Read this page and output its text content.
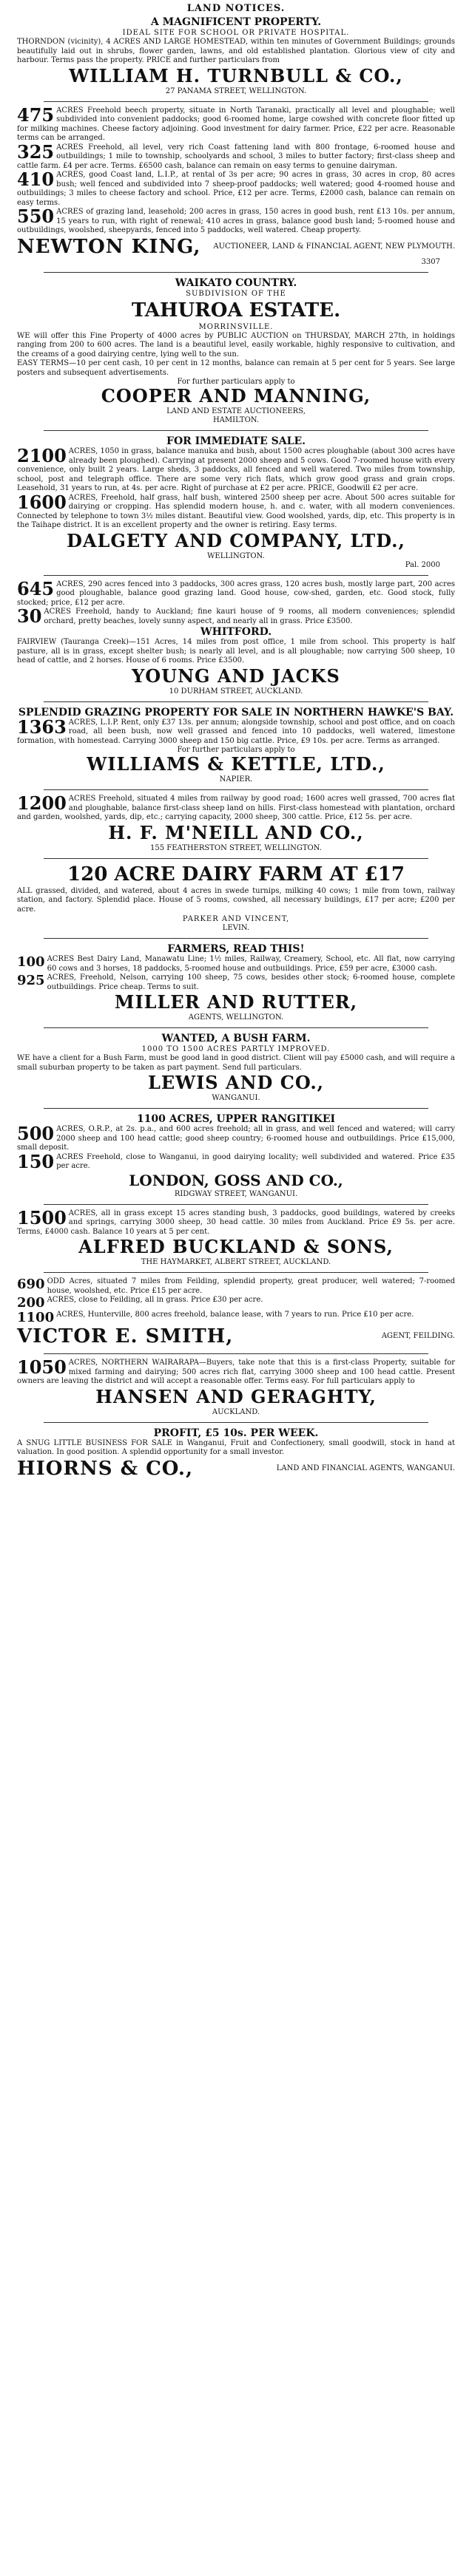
LAND NOTICES.
A MAGNIFICENT PROPERTY.
IDEAL SITE FOR SCHOOL OR PRIVATE HOSPITAL.
THORNDON (vicinity), 4 ACRES AND LARGE HOMESTEAD, within ten minutes of Government Buildings; grounds beautifully laid out in shrubs, flower garden, lawns, and old established plantation. Glorious view of city and harbour. Terms pass the property. PRICE and further particulars from
WILLIAM H. TURNBULL & CO.,
27 PANAMA STREET, WELLINGTON.
475 ACRES Freehold beech property, situate in North Taranaki, practically all level and ploughable; well subdivided into convenient paddocks; good 6-roomed home, large cowshed with concrete floor fitted up for milking machines. Cheese factory adjoining. Good investment for dairy farmer. Price, £22 per acre. Reasonable terms can be arranged.
325 ACRES Freehold, all level, very rich Coast fattening land with 800 frontage, 6-roomed house and outbuildings; 1 mile to township, schoolyards and school, 3 miles to butter factory; first-class sheep and cattle farm. £4 per acre. Terms. £6500 cash, balance can remain on easy terms to genuine dairyman.
410 ACRES, good Coast land, L.I.P., at rental of 3s per acre; 90 acres in grass, 30 acres in crop, 80 acres bush; well fenced and subdivided into 7 sheep-proof paddocks; well watered; good 4-roomed house and outbuildings; 3 miles to cheese factory and school. Price, £12 per acre. Terms, £2000 cash, balance can remain on easy terms.
550 ACRES of grazing land, leasehold; 200 acres in grass, 150 acres in good bush, rent £13 10s. per annum, 15 years to run, with right of renewal; 410 acres in grass, balance good bush land; 5-roomed house and outbuildings, woolshed, sheepyards, fenced into 5 paddocks, well watered. Cheap property.
NEWTON KING, AUCTIONEER, LAND & FINANCIAL AGENT, NEW PLYMOUTH.
3307
WAIKATO COUNTRY.
SUBDIVISION OF THE
TAHUROA ESTATE.
MORRINSVILLE.
WE will offer this Fine Property of 4000 acres by PUBLIC AUCTION on THURSDAY, MARCH 27th, in holdings ranging from 200 to 600 acres. The land is a beautiful level, easily workable, highly responsive to cultivation, and the creams of a good dairying centre, lying well to the sun.
EASY TERMS—10 per cent cash, 10 per cent in 12 months, balance can remain at 5 per cent for 5 years. See large posters and subsequent advertisements.
For further particulars apply to
COOPER AND MANNING,
LAND AND ESTATE AUCTIONEERS,
HAMILTON.
FOR IMMEDIATE SALE.
2100 ACRES, 1050 in grass, balance manuka and bush, about 1500 acres ploughable (about 300 acres have already been ploughed). Carrying at present 2000 sheep and 5 cows. Good 7-roomed house with every convenience, only built 2 years. Large sheds, 3 paddocks, all fenced and well watered. Two miles from township, school, post and telegraph office. There are some very rich flats, which grow good grass and grain crops. Leasehold, 31 years to run, at 4s. per acre. Right of purchase at £2 per acre. PRICE, Goodwill £2 per acre.
1600 ACRES, Freehold, half grass, half bush, wintered 2500 sheep per acre. About 500 acres suitable for dairying or cropping. Has splendid modern house, h. and c. water, with all modern conveniences. Connected by telephone to town 3½ miles distant. Beautiful view. Good woolshed, yards, dip, etc. This property is in the Taihape district. It is an excellent property and the owner is retiring. Easy terms.
DALGETY AND COMPANY, LTD.,
WELLINGTON.
Pal. 2000
645 ACRES, 290 acres fenced into 3 paddocks, 300 acres grass, 120 acres bush, mostly large part, 200 acres good ploughable, balance good grazing land. Good house, cow-shed, garden, etc. Good stock, fully stocked; price, £12 per acre.
30 ACRES Freehold, handy to Auckland; fine kauri house of 9 rooms, all modern conveniences; splendid orchard, pretty beaches, lovely sunny aspect, and nearly all in grass. Price £3500.
WHITFORD.
FAIRVIEW (Tauranga Creek)—151 Acres, 14 miles from post office, 1 mile from school. This property is half pasture, all is in grass, except shelter bush; is nearly all level, and is all ploughable; now carrying 500 sheep, 10 head of cattle, and 2 horses. House of 6 rooms. Price £3500.
YOUNG AND JACKS
10 DURHAM STREET, AUCKLAND.
SPLENDID GRAZING PROPERTY FOR SALE IN NORTHERN HAWKE'S BAY.
1363 ACRES, L.I.P. Rent, only £37 13s. per annum; alongside township, school and post office, and on coach road, all been bush, now well grassed and fenced into 10 paddocks, well watered, limestone formation, with homestead. Carrying 3000 sheep and 150 big cattle. Price, £9 10s. per acre. Terms as arranged.
For further particulars apply to
WILLIAMS & KETTLE, LTD.,
NAPIER.
1200 ACRES Freehold, situated 4 miles from railway by good road; 1600 acres well grassed, 700 acres flat and ploughable, balance first-class sheep land on hills. First-class homestead with plantation, orchard and garden, woolshed, yards, dip, etc.; carrying capacity, 2000 sheep, 300 cattle. Price, £12 5s. per acre.
H. F. M'NEILL AND CO.,
155 FEATHERSTON STREET, WELLINGTON.
120 ACRE DAIRY FARM AT £17
ALL grassed, divided, and watered, about 4 acres in swede turnips, milking 40 cows; 1 mile from town, railway station, and factory. Splendid place. House of 5 rooms, cowshed, all necessary buildings, £17 per acre; £200 per acre.
PARKER AND VINCENT,
LEVIN.
FARMERS, READ THIS!
100 ACRES Best Dairy Land, Manawatu Line; 1½ miles, Railway, Creamery, School, etc. All flat, now carrying 60 cows and 3 horses, 18 paddocks, 5-roomed house and outbuildings. Price, £59 per acre, £3000 cash.
925 ACRES, Freehold, Nelson, carrying 100 sheep, 75 cows, besides other stock; 6-roomed house, complete outbuildings. Price cheap. Terms to suit.
MILLER AND RUTTER,
AGENTS, WELLINGTON.
WANTED, A BUSH FARM.
1000 TO 1500 ACRES PARTLY IMPROVED.
WE have a client for a Bush Farm, must be good land in good district. Client will pay £5000 cash, and will require a small suburban property to be taken as part payment. Send full particulars.
LEWIS AND CO.,
WANGANUI.
1100 ACRES, UPPER RANGITIKEI
500 ACRES, O.R.P., at 2s. p.a., and 600 acres freehold; all in grass, and well fenced and watered; will carry 2000 sheep and 100 head cattle; good sheep country; 6-roomed house and outbuildings. Price £15,000, small deposit.
150 ACRES Freehold, close to Wanganui, in good dairying locality; well subdivided and watered. Price £35 per acre.
LONDON, GOSS AND CO.,
RIDGWAY STREET, WANGANUI.
1500 ACRES, all in grass except 15 acres standing bush, 3 paddocks, good buildings, watered by creeks and springs, carrying 3000 sheep, 30 head cattle. 30 miles from Auckland. Price £9 5s. per acre. Terms, £4000 cash. Balance 10 years at 5 per cent.
ALFRED BUCKLAND & SONS,
THE HAYMARKET, ALBERT STREET, AUCKLAND.
690 ODD Acres, situated 7 miles from Feilding, splendid property, great producer, well watered; 7-roomed house, woolshed, etc. Price £15 per acre.
200 ACRES, close to Feilding, all in grass. Price £30 per acre.
1100 ACRES, Hunterville, 800 acres freehold, balance lease, with 7 years to run. Price £10 per acre.
VICTOR E. SMITH,	AGENT, FEILDING.
1050 ACRES, NORTHERN WAIRARAPA—Buyers, take note that this is a first-class Property, suitable for mixed farming and dairying; 500 acres rich flat, carrying 3000 sheep and 100 head cattle. Present owners are leaving the district and will accept a reasonable offer. Terms easy. For full particulars apply to
HANSEN AND GERAGHTY,
AUCKLAND.
PROFIT, £5 10s. PER WEEK.
A SNUG LITTLE BUSINESS FOR SALE in Wanganui, Fruit and Confectionery, small goodwill, stock in hand at valuation. In good position. A splendid opportunity for a small investor.
HIORNS & CO.,	LAND AND FINANCIAL AGENTS, WANGANUI.
